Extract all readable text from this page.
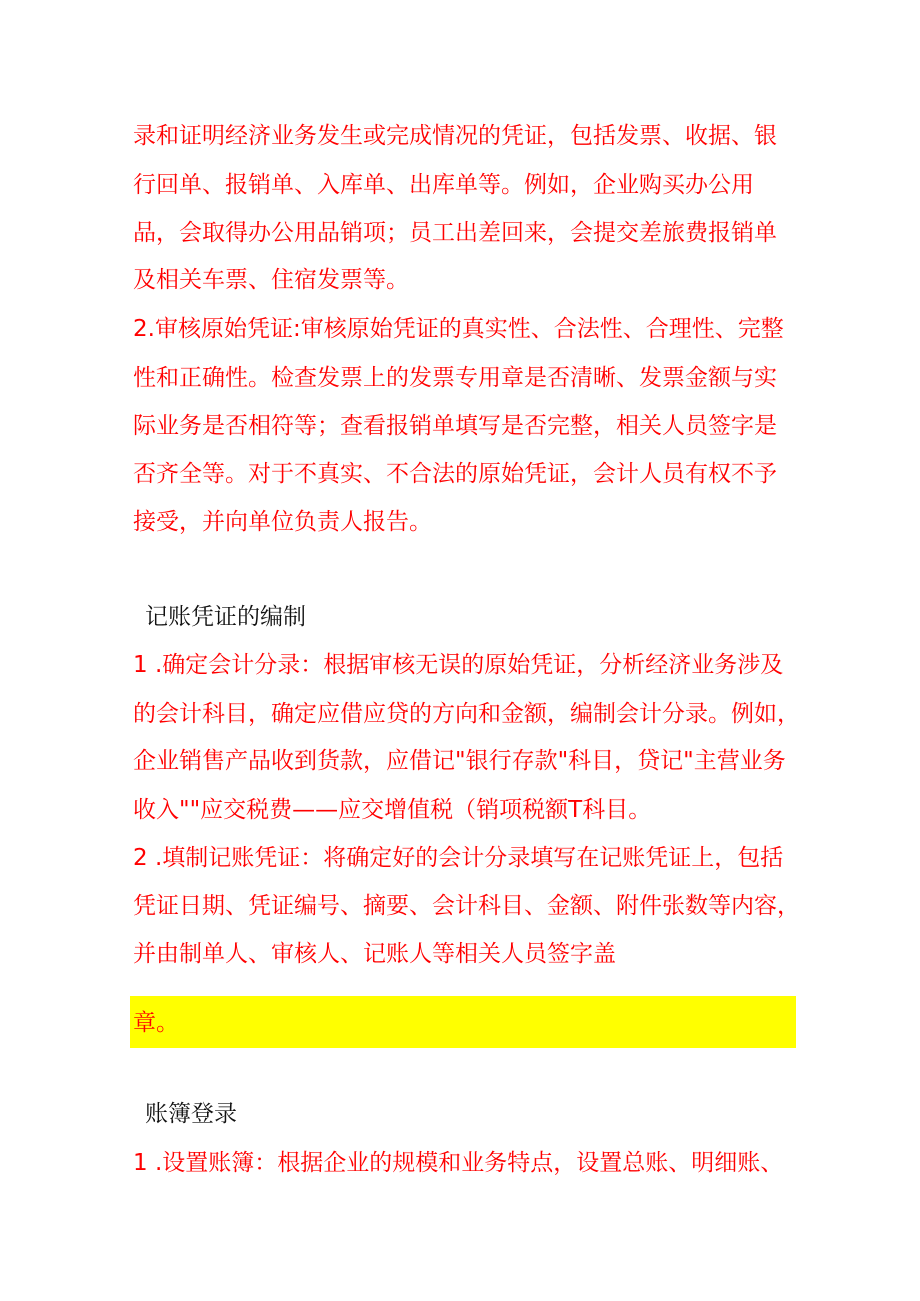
录和证明经济业务发生或完成情况的凭证，包括发票、收据、银
行回单、报销单、入库单、出库单等。例如，企业购买办公用
品，会取得办公用品销项；员工出差回来，会提交差旅费报销单
及相关车票、住宿发票等。
2.审核原始凭证:审核原始凭证的真实性、合法性、合理性、完整
性和正确性。检查发票上的发票专用章是否清晰、发票金额与实
际业务是否相符等；查看报销单填写是否完整，相关人员签字是
否齐全等。对于不真实、不合法的原始凭证，会计人员有权不予
接受，并向单位负责人报告。
记账凭证的编制
1 .确定会计分录：根据审核无误的原始凭证，分析经济业务涉及
的会计科目，确定应借应贷的方向和金额，编制会计分录。例如，
企业销售产品收到货款，应借记"银行存款"科目，贷记"主营业务
收入""应交税费——应交增值税（销项税额T科目。
2 .填制记账凭证：将确定好的会计分录填写在记账凭证上，包括
凭证日期、凭证编号、摘要、会计科目、金额、附件张数等内容，
并由制单人、审核人、记账人等相关人员签字盖
章。
账簿登录
1 .设置账簿：根据企业的规模和业务特点，设置总账、明细账、
